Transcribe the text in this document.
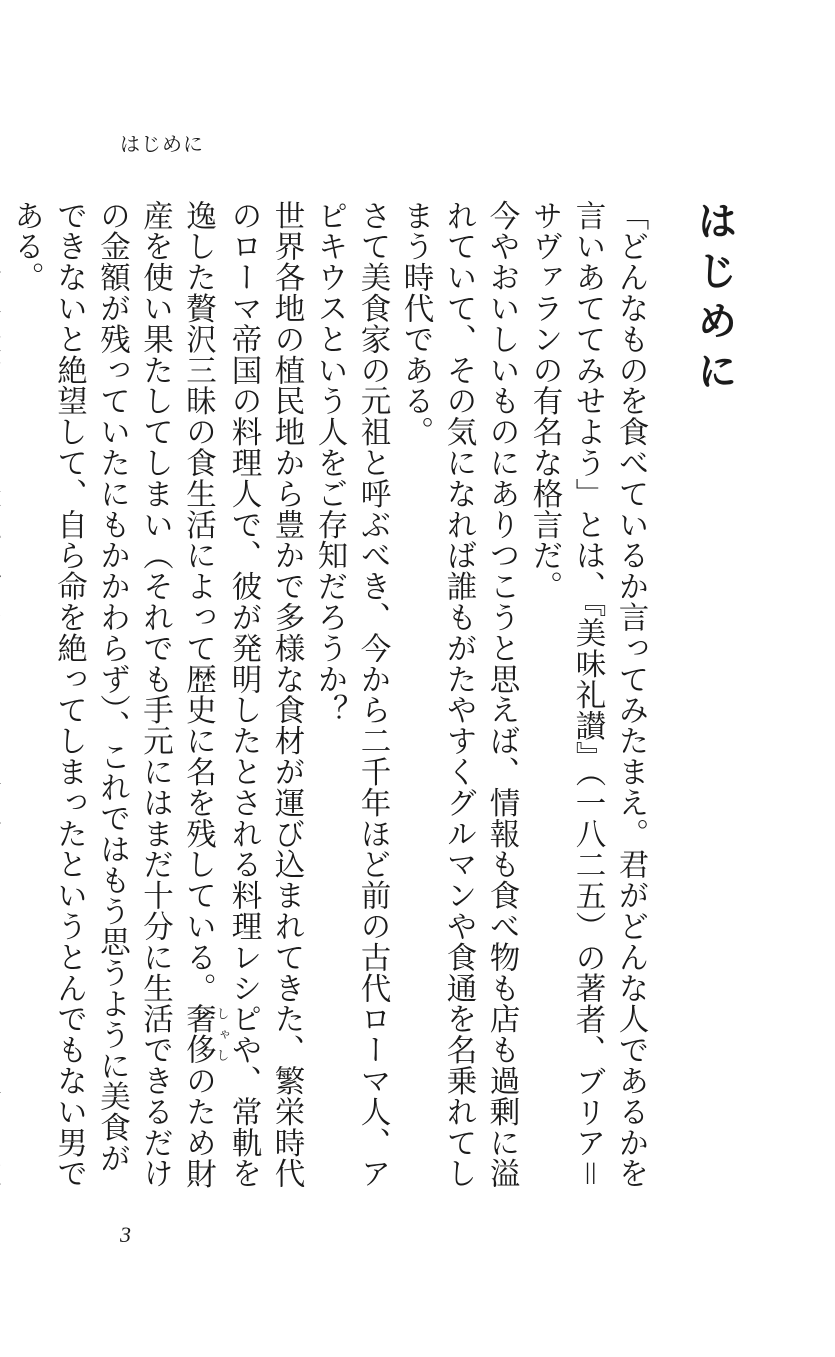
はじめに
はじめに

「どんなものを食べているか言ってみたまえ。君がどんな人であるかを言いあててみせよう」とは、『美味礼讃』（一八二五）の著者、ブリア＝サヴァランの有名な格言だ。

今やおいしいものにありつこうと思えば、情報も食べ物も店も過剰に溢れていて、その気になれば誰もがたやすくグルマンや食通を名乗れてしまう時代である。

さて美食家の元祖と呼ぶべき、今から二千年ほど前の古代ローマ人、アピキウスという人をご存知だろうか？

世界各地の植民地から豊かで多様な食材が運び込まれてきた、繁栄時代のローマ帝国の料理人で、彼が発明したとされる料理レシピや、常軌を逸した贅沢三昧の食生活によって歴史に名を残している。奢侈しゃしのため財産を使い果たしてしまい（それでも手元にはまだ十分に生活できるだけの金額が残っていたにもかかわらず）、これではもう思うように美食ができないと絶望して、自ら命を絶ってしまったというとんでもない男である。

3
